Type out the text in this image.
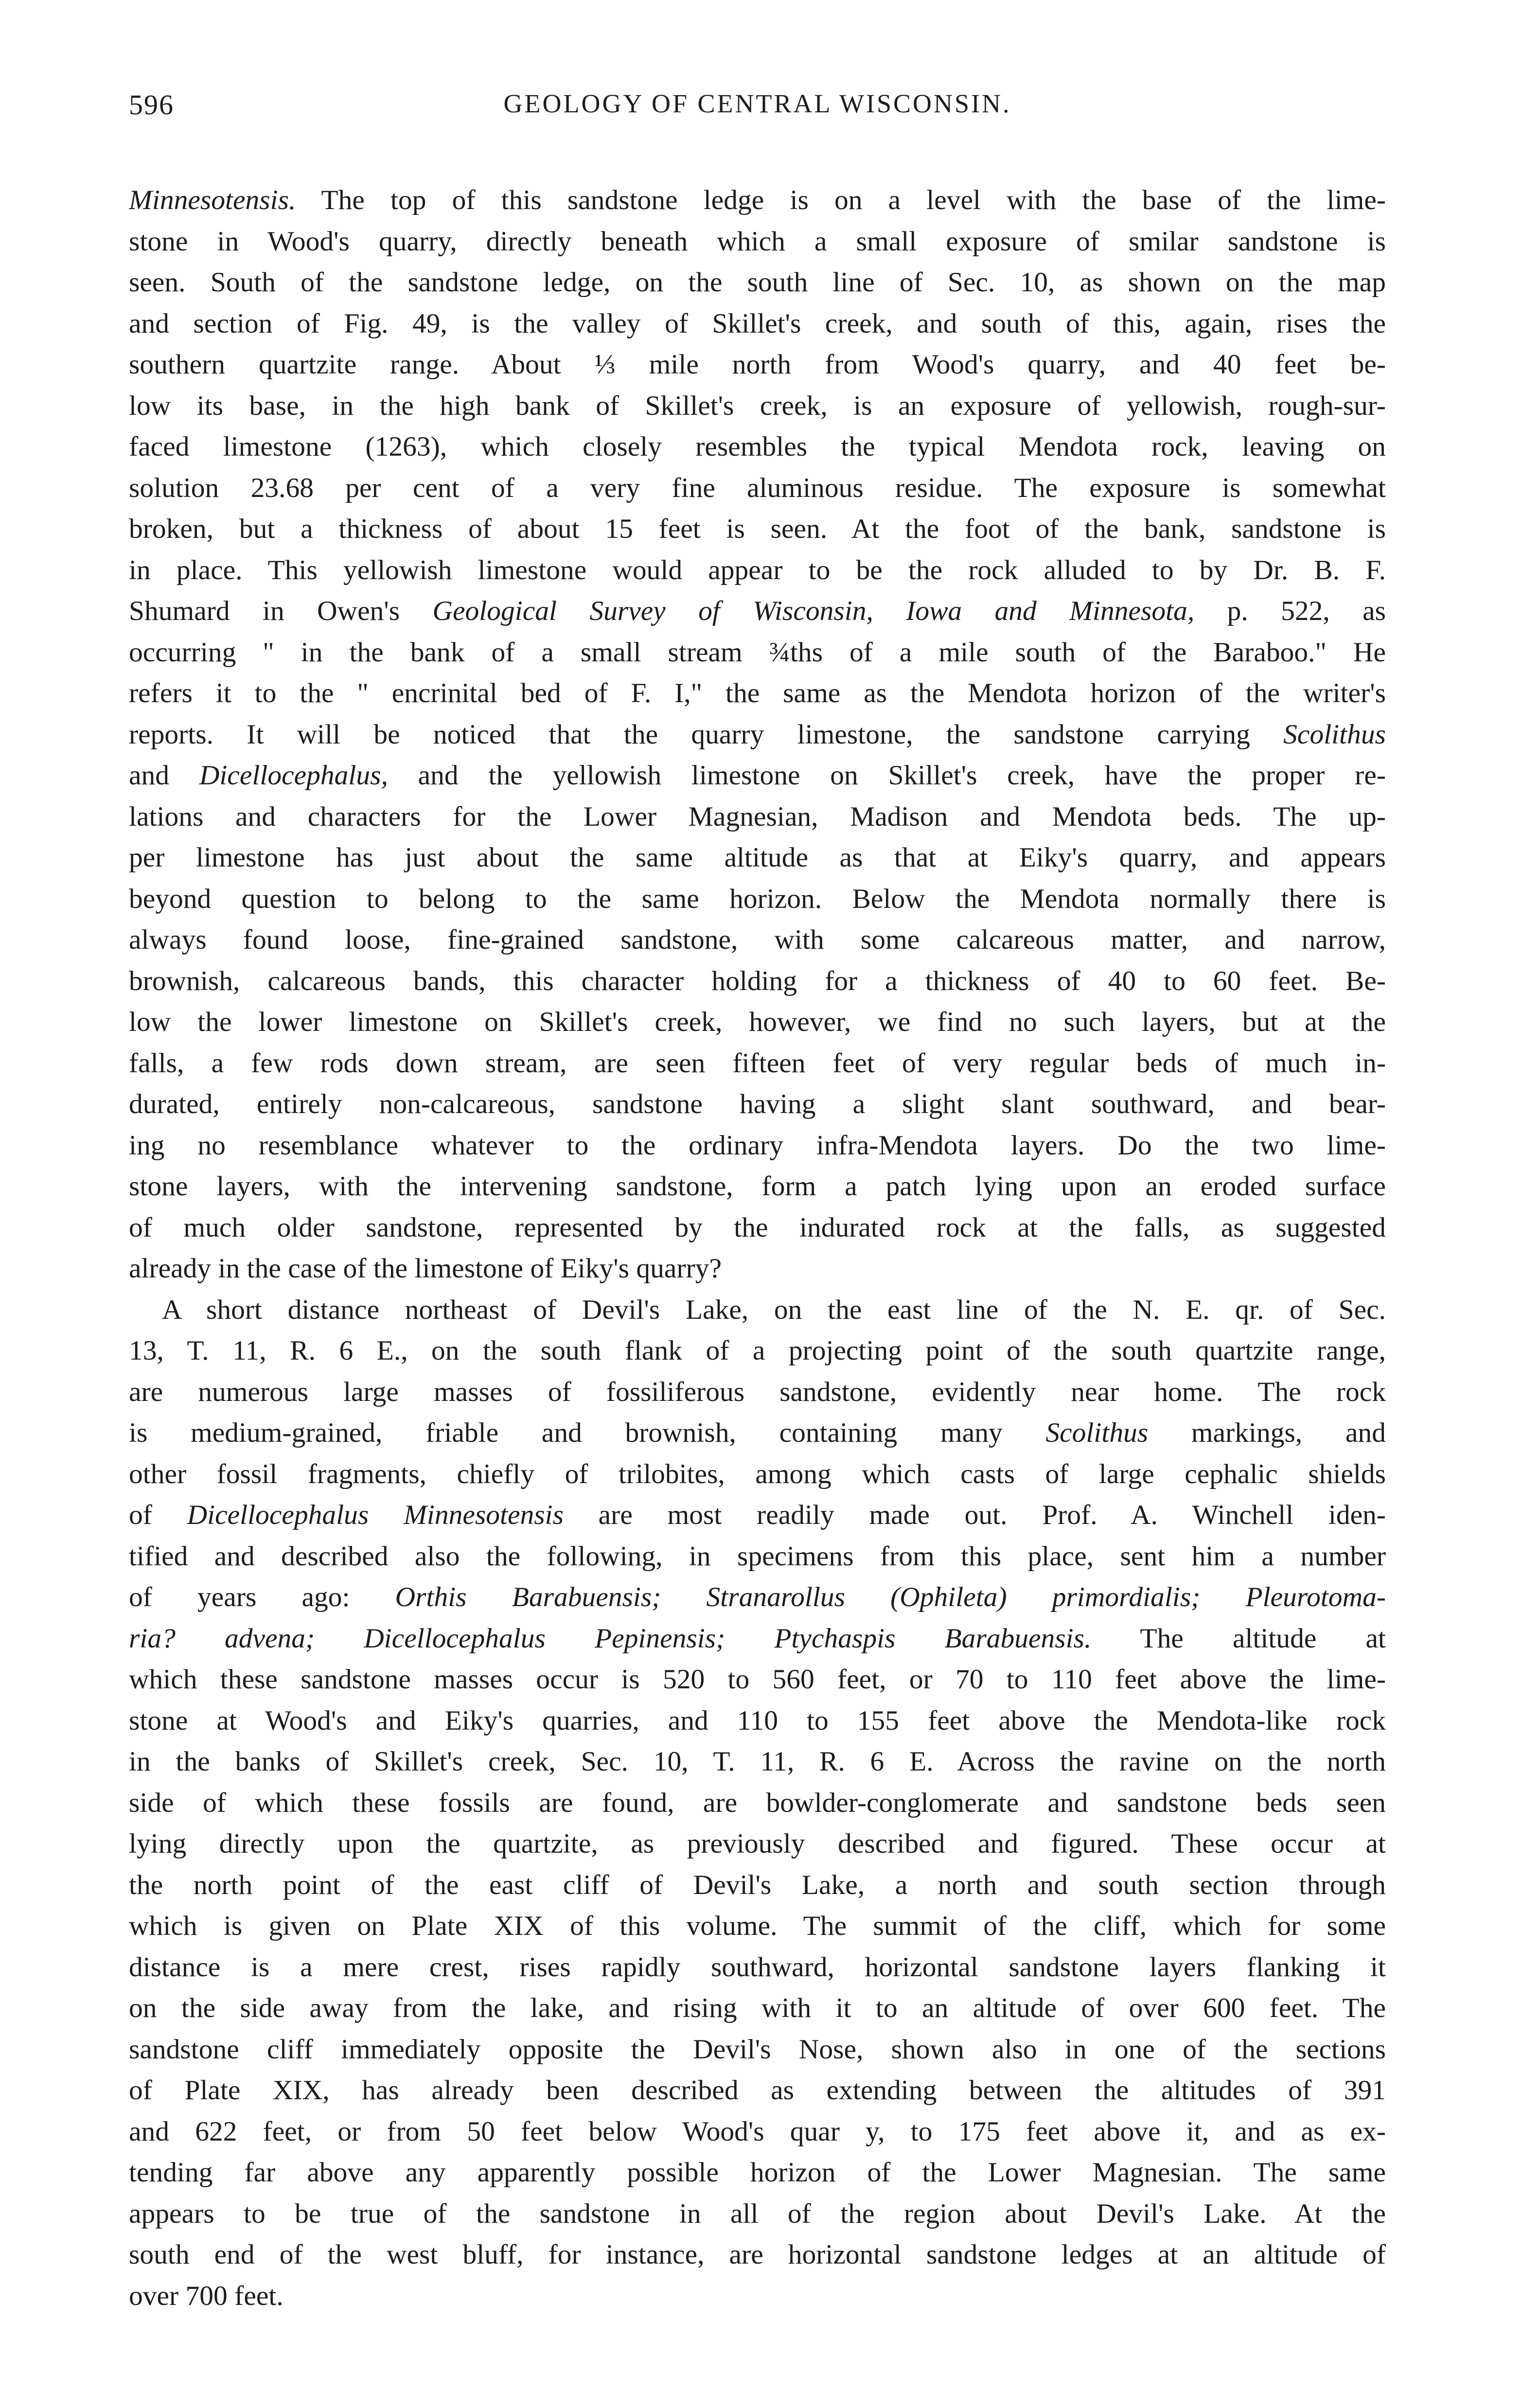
596	GEOLOGY OF CENTRAL WISCONSIN.
Minnesotensis. The top of this sandstone ledge is on a level with the base of the lime-
stone in Wood's quarry, directly beneath which a small exposure of smilar sandstone is
seen. South of the sandstone ledge, on the south line of Sec. 10, as shown on the map
and section of Fig. 49, is the valley of Skillet's creek, and south of this, again, rises the
southern quartzite range. About ⅓ mile north from Wood's quarry, and 40 feet be-
low its base, in the high bank of Skillet's creek, is an exposure of yellowish, rough-sur-
faced limestone (1263), which closely resembles the typical Mendota rock, leaving on
solution 23.68 per cent of a very fine aluminous residue. The exposure is somewhat
broken, but a thickness of about 15 feet is seen. At the foot of the bank, sandstone is
in place. This yellowish limestone would appear to be the rock alluded to by Dr. B. F.
Shumard in Owen's Geological Survey of Wisconsin, Iowa and Minnesota, p. 522, as
occurring " in the bank of a small stream ¾ths of a mile south of the Baraboo." He
refers it to the " encrinital bed of F. I," the same as the Mendota horizon of the writer's
reports. It will be noticed that the quarry limestone, the sandstone carrying Scolithus
and Dicellocephalus, and the yellowish limestone on Skillet's creek, have the proper re-
lations and characters for the Lower Magnesian, Madison and Mendota beds. The up-
per limestone has just about the same altitude as that at Eiky's quarry, and appears
beyond question to belong to the same horizon. Below the Mendota normally there is
always found loose, fine-grained sandstone, with some calcareous matter, and narrow,
brownish, calcareous bands, this character holding for a thickness of 40 to 60 feet. Be-
low the lower limestone on Skillet's creek, however, we find no such layers, but at the
falls, a few rods down stream, are seen fifteen feet of very regular beds of much in-
durated, entirely non-calcareous, sandstone having a slight slant southward, and bear-
ing no resemblance whatever to the ordinary infra-Mendota layers. Do the two lime-
stone layers, with the intervening sandstone, form a patch lying upon an eroded surface
of much older sandstone, represented by the indurated rock at the falls, as suggested
already in the case of the limestone of Eiky's quarry?
A short distance northeast of Devil's Lake, on the east line of the N. E. qr. of Sec.
13, T. 11, R. 6 E., on the south flank of a projecting point of the south quartzite range,
are numerous large masses of fossiliferous sandstone, evidently near home. The rock
is medium-grained, friable and brownish, containing many Scolithus markings, and
other fossil fragments, chiefly of trilobites, among which casts of large cephalic shields
of Dicellocephalus Minnesotensis are most readily made out. Prof. A. Winchell iden-
tified and described also the following, in specimens from this place, sent him a number
of years ago: Orthis Barabuensis; Stranarollus (Ophileta) primordialis; Pleurotoma-
ria? advena; Dicellocephalus Pepinensis; Ptychaspis Barabuensis. The altitude at
which these sandstone masses occur is 520 to 560 feet, or 70 to 110 feet above the lime-
stone at Wood's and Eiky's quarries, and 110 to 155 feet above the Mendota-like rock
in the banks of Skillet's creek, Sec. 10, T. 11, R. 6 E. Across the ravine on the north
side of which these fossils are found, are bowlder-conglomerate and sandstone beds seen
lying directly upon the quartzite, as previously described and figured. These occur at
the north point of the east cliff of Devil's Lake, a north and south section through
which is given on Plate XIX of this volume. The summit of the cliff, which for some
distance is a mere crest, rises rapidly southward, horizontal sandstone layers flanking it
on the side away from the lake, and rising with it to an altitude of over 600 feet. The
sandstone cliff immediately opposite the Devil's Nose, shown also in one of the sections
of Plate XIX, has already been described as extending between the altitudes of 391
and 622 feet, or from 50 feet below Wood's quar y, to 175 feet above it, and as ex-
tending far above any apparently possible horizon of the Lower Magnesian. The same
appears to be true of the sandstone in all of the region about Devil's Lake. At the
south end of the west bluff, for instance, are horizontal sandstone ledges at an altitude of
over 700 feet.
